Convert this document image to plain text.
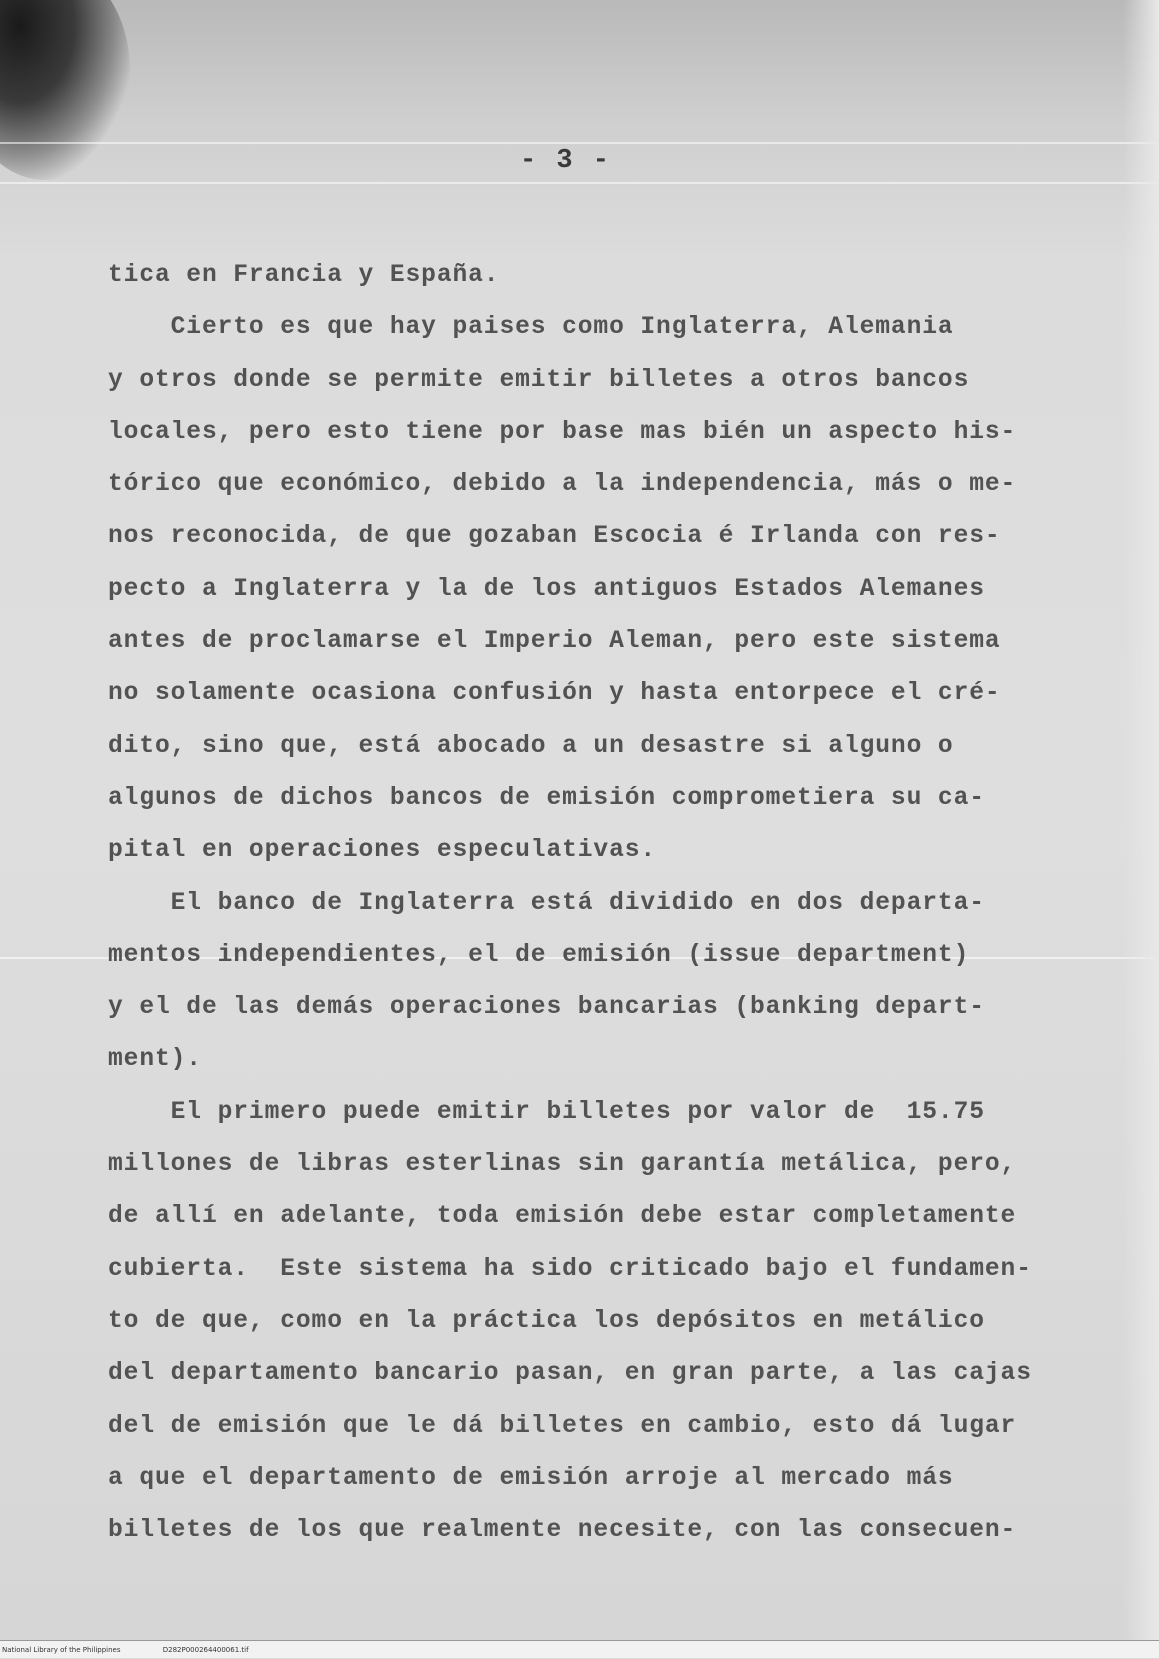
- 3 -
tica en Francia y España.
Cierto es que hay paises como Inglaterra, Alemania
y otros donde se permite emitir billetes a otros bancos
locales, pero esto tiene por base mas bién un aspecto his-
tórico que económico, debido a la independencia, más o me-
nos reconocida, de que gozaban Escocia é Irlanda con res-
pecto a Inglaterra y la de los antiguos Estados Alemanes
antes de proclamarse el Imperio Aleman, pero este sistema
no solamente ocasiona confusión y hasta entorpece el cré-
dito, sino que, está abocado a un desastre si alguno o
algunos de dichos bancos de emisión comprometiera su ca-
pital en operaciones especulativas.
El banco de Inglaterra está dividido en dos departa-
mentos independientes, el de emisión (issue department)
y el de las demás operaciones bancarias (banking depart-
ment).
El primero puede emitir billetes por valor de  15.75
millones de libras esterlinas sin garantía metálica, pero,
de allí en adelante, toda emisión debe estar completamente
cubierta.  Este sistema ha sido criticado bajo el fundamen-
to de que, como en la práctica los depósitos en metálico
del departamento bancario pasan, en gran parte, a las cajas
del de emisión que le dá billetes en cambio, esto dá lugar
a que el departamento de emisión arroje al mercado más
billetes de los que realmente necesite, con las consecuen-
National Library of the Philippines	D282P000264400061.tif
